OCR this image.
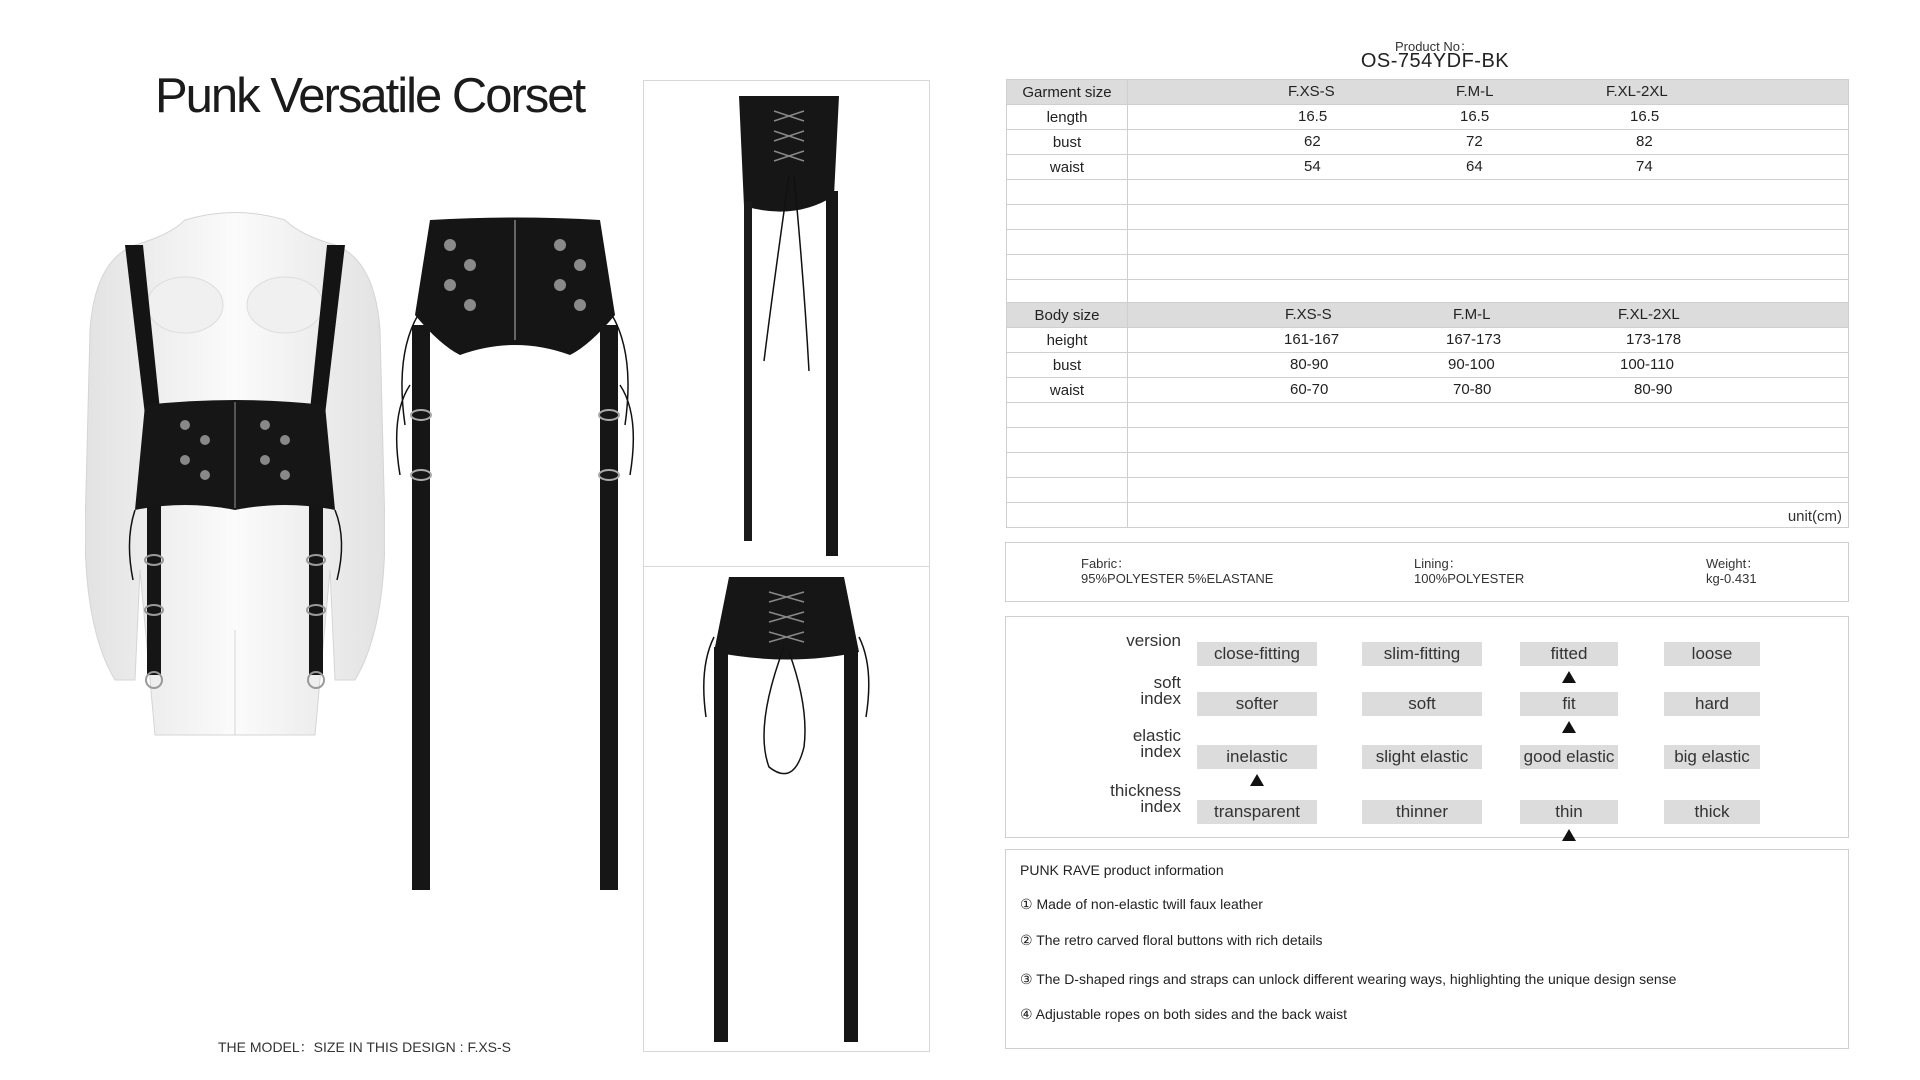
Punk Versatile Corset
THE MODEL：SIZE IN THIS DESIGN : F.XS-S
Product No：
OS-754YDF-BK
Garment size	F.XS-S F.M-L F.XL-2XL

length	16.5 16.5 16.5

bust	62 72 82

waist	54 64 74

Body size	F.XS-S F.M-L F.XL-2XL

height	161-167 167-173 173-178

bust	80-90 90-100 100-110

waist	60-70 70-80 80-90

	unit(cm)
Fabric：
95%POLYESTER 5%ELASTANE
Lining：
100%POLYESTER
Weight：
kg-0.431
version
close-fitting	slim-fitting	fitted	loose
soft
index	softer	soft	fit	hard
elastic
index	inelastic	slight elastic	good elastic	big elastic
thickness
index	transparent	thinner	thin	thick
PUNK RAVE product information
① Made of non-elastic twill faux leather
② The retro carved floral buttons with rich details
③ The D-shaped rings and straps can unlock different wearing ways, highlighting the unique design sense
④ Adjustable ropes on both sides and the back waist
